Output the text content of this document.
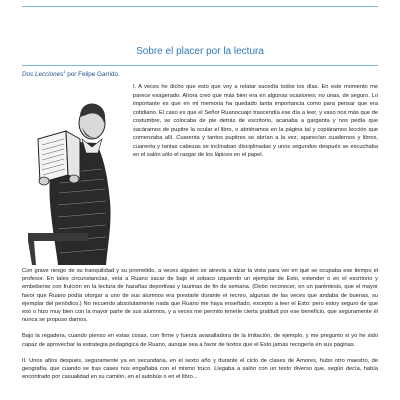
Sobre el placer por la lectura
Dos Lecciones$^1$ por Felipe Garrido.

I. A veces he dicho que esto que voy a relatar sucedía todos los días. En este momento me parece exagerado. Ahora creo que más bien era en algunas ocasiones; no unas, de seguro. Lo importante es que en mi memoria ha quedado tanta importancia como para pensar que era cotidiano. El caso es que el Señor Ruanocuajo trascendía ese día a leer, y vaso nos más que de costumbre, se colocaba de pie detrás de escritorio, acariaba a garganta y nos pedía que sacáramos de pupitre la ocular el libro, o abriéramos en la página tal y copiáramos lección que comenzaba allí. Cuarenta y tantos pupitres se abrían a la vez, aparecían cuadernos y libros, cuarenta y tantas cabezas se inclinaban disciplinadas y unos segundos después se escuchaba en el salón sólo el rasgar de los lápices en el papel.

Con grave riesgo de su tranquilidad y su prometido, a veces alguien se atrevía a alzar la vista para ver en qué se ocupaba ese tiempo el profesor. En tales circunstancias, veía a Ruano sacar de bajo el sobaco izquierdo un ejemplar de Esto, extender o en el escritorio y embeberse con fruición en la lectura de hazañas deportivas y taurinas de fin de semana. (Debo reconocer, en un paréntesis, que el mayor favor que Ruano podía otorgar a uno de sus alumnos era prestarle durante el recreo, algunas de las veces que andaba de buenas, su ejemplar del periódico.) No recuerdo absolutamente nada que Ruano me haya enseñado, excepto a leer el Esto: pero estoy seguro de que eso o hizo muy bien con la mayor parte de sus alumnos, y a veces me permito tenerle cierta gratitud por ese beneficio, que seguramente él nunca se propuso darnos.

Bajo la regadera, cuando pienso en estas cosas, con firme y fuerza avasalladora de la imitación, de ejemplo, y me pregunto si yo he sido capaz de aprovechar la estrategia pedagógica de Ruano, aunque sea a favor de textos que el Esto jamás recogería en sus páginas.

II. Unos años después, seguramente ya en secundaria, en el sexto año y durante el ciclo de clases de Amores, hubo otro maestro, de geografía, que cuando se tras cases nos engañaba con el mismo truco. Llegaba a salón con un texto diverso que, según decía, había encontrado por casualidad en su camión, en el autobús o en el libro...
